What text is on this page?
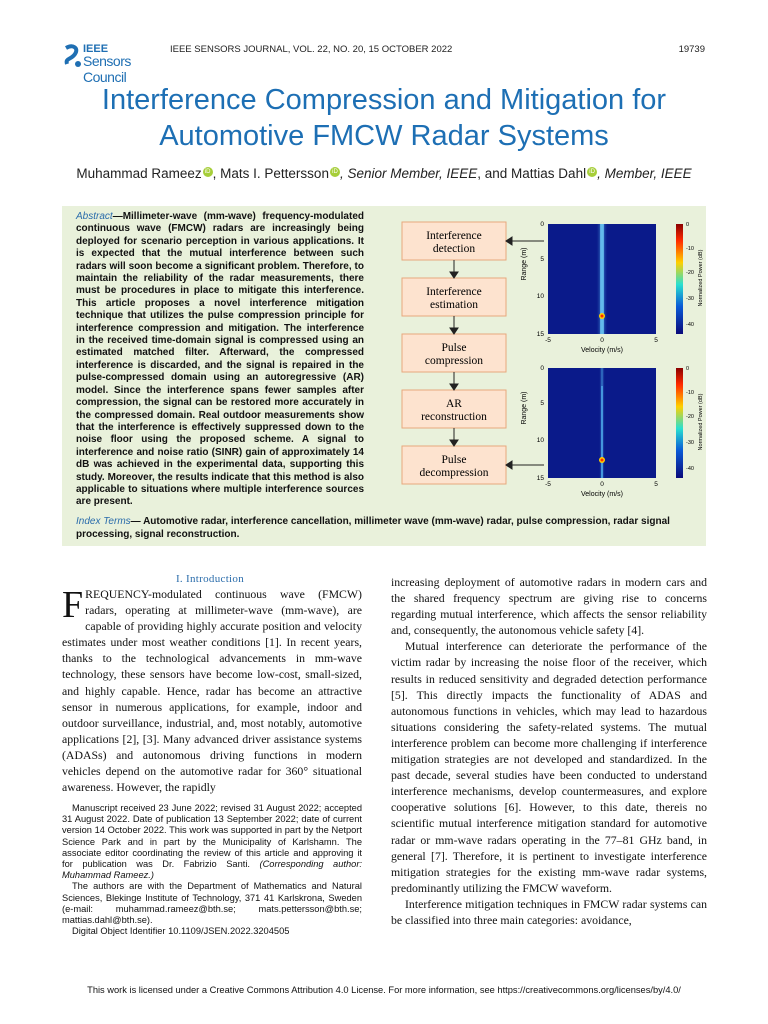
IEEE
Sensors Council
IEEE SENSORS JOURNAL, VOL. 22, NO. 20, 15 OCTOBER 2022	19739
Interference Compression and Mitigation for
Automotive FMCW Radar Systems
Muhammad Rameez iD , Mats I. Pettersson iD , Senior Member, IEEE, and Mattias Dahl iD , Member, IEEE
Abstract—Millimeter-wave (mm-wave) frequency-modulated continuous wave (FMCW) radars are increasingly being deployed for scenario perception in various applications. It is expected that the mutual interference between such radars will soon become a significant problem. Therefore, to maintain the reliability of the radar measurements, there must be procedures in place to mitigate this interference. This article proposes a novel interference mitigation technique that utilizes the pulse compression principle for interference compression and mitigation. The interference in the received time-domain signal is compressed using an estimated matched filter. Afterward, the compressed interference is discarded, and the signal is repaired in the pulse-compressed domain using an autoregressive (AR) model. Since the interference spans fewer samples after compression, the signal can be restored more accurately in the compressed domain. Real outdoor measurements show that the interference is effectively suppressed down to the noise floor using the proposed scheme. A signal to interference and noise ratio (SINR) gain of approximately 14 dB was achieved in the experimental data, supporting this study. Moreover, the results indicate that this method is also applicable to situations where multiple interference sources are present.
Interference detection
Interference estimation
Pulse compression
AR reconstruction
Pulse decompression
Range (m)
0
5
10
15
-5	0	5
Velocity (m/s)
0
-10
-20
-30
-40
Normalized Power (dB)
Range (m)
0
5
10
15
-5	0	5
Velocity (m/s)
0
-10
-20
-30
-40
Normalized Power (dB)
Index Terms— Automotive radar, interference cancellation, millimeter wave (mm-wave) radar, pulse compression, radar signal processing, signal reconstruction.
I. Introduction

FREQUENCY-modulated continuous wave (FMCW) radars, operating at millimeter-wave (mm-wave), are capable of providing highly accurate position and velocity estimates under most weather conditions [1]. In recent years, thanks to the technological advancements in mm-wave technology, these sensors have become low-cost, small-sized, and highly capable. Hence, radar has become an attractive sensor in numerous applications, for example, indoor and outdoor surveillance, industrial, and, most notably, automotive applications [2], [3]. Many advanced driver assistance systems (ADASs) and autonomous driving functions in modern vehicles depend on the automotive radar for 360° situational awareness. However, the rapidly

Manuscript received 23 June 2022; revised 31 August 2022; accepted 31 August 2022. Date of publication 13 September 2022; date of current version 14 October 2022. This work was supported in part by the Netport Science Park and in part by the Municipality of Karlshamn. The associate editor coordinating the review of this article and approving it for publication was Dr. Fabrizio Santi. (Corresponding author: Muhammad Rameez.)

The authors are with the Department of Mathematics and Natural Sciences, Blekinge Institute of Technology, 371 41 Karlskrona, Sweden (e-mail: muhammad.rameez@bth.se; mats.pettersson@bth.se; mattias.dahl@bth.se).

Digital Object Identifier 10.1109/JSEN.2022.3204505

increasing deployment of automotive radars in modern cars and the shared frequency spectrum are giving rise to concerns regarding mutual interference, which affects the sensor reliability and, consequently, the autonomous vehicle safety [4].

Mutual interference can deteriorate the performance of the victim radar by increasing the noise floor of the receiver, which results in reduced sensitivity and degraded detection performance [5]. This directly impacts the functionality of ADAS and autonomous functions in vehicles, which may lead to hazardous situations considering the safety-related systems. The mutual interference problem can become more challenging if interference mitigation strategies are not developed and standardized. In the past decade, several studies have been conducted to understand interference mechanisms, develop countermeasures, and explore cooperative solutions [6]. However, to this date, thereis no scientific mutual interference mitigation standard for automotive radar or mm-wave radars operating in the 77–81 GHz band, in general [7]. Therefore, it is pertinent to investigate interference mitigation strategies for the existing mm-wave radar systems, predominantly utilizing the FMCW waveform.

Interference mitigation techniques in FMCW radar systems can be classified into three main categories: avoidance,

This work is licensed under a Creative Commons Attribution 4.0 License. For more information, see https://creativecommons.org/licenses/by/4.0/
